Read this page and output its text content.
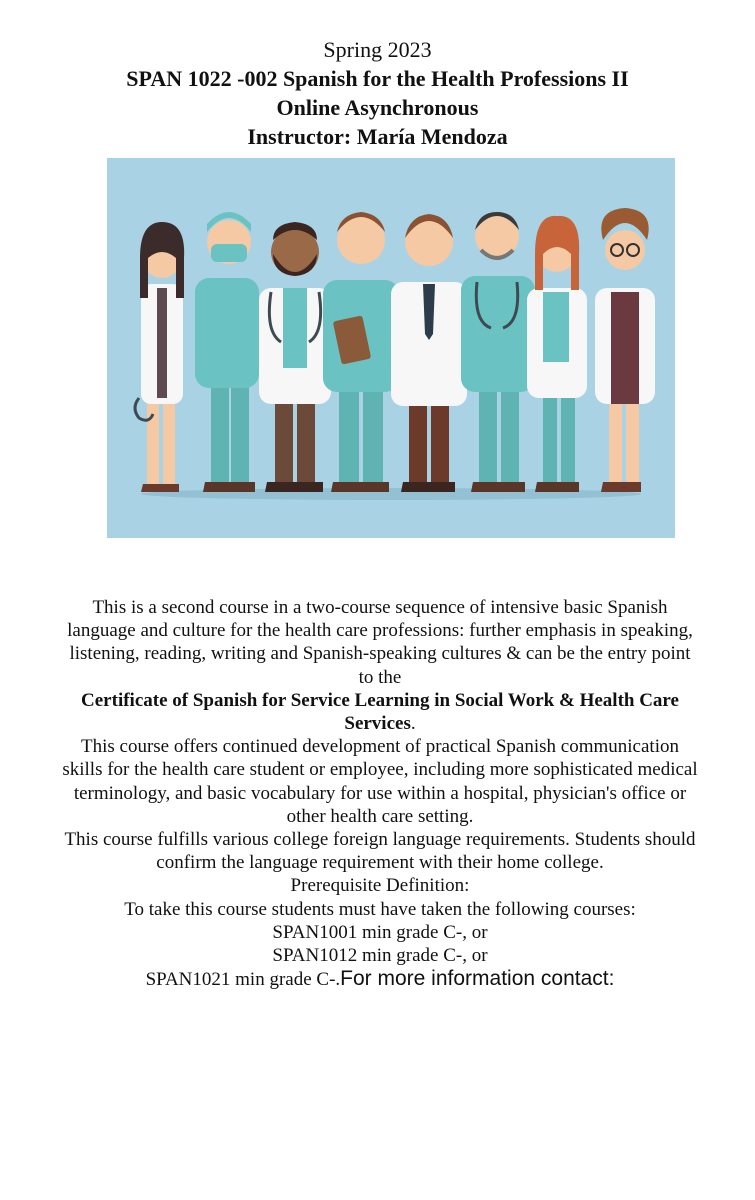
Spring 2023
SPAN 1022 -002 Spanish for the Health Professions II
Online Asynchronous
Instructor: María Mendoza

This is a second course in a two-course sequence of intensive basic Spanish language and culture for the health care professions: further emphasis in speaking, listening, reading, writing and Spanish-speaking cultures & can be the entry point to the

Certificate of Spanish for Service Learning in Social Work & Health Care Services.

This course offers continued development of practical Spanish communication skills for the health care student or employee, including more sophisticated medical terminology, and basic vocabulary for use within a hospital, physician's office or other health care setting.

This course fulfills various college foreign language requirements. Students should confirm the language requirement with their home college.

Prerequisite Definition:

To take this course students must have taken the following courses:

SPAN1001 min grade C-, or

SPAN1012 min grade C-, or

SPAN1021 min grade C-.For more information contact:
